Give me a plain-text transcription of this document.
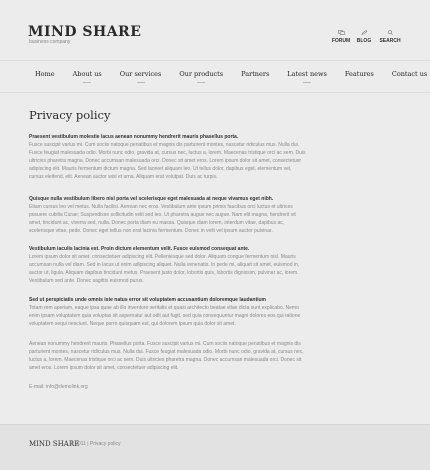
MIND SHARE
business company	FORUM	BLOG	SEARCH
Home	About us	Our services	Our products	Partners	Latest news	Features	Contact us
Privacy policy
Praesent vestibulum molestie lacus aenean nonummy hendrerit mauris phasellus porta.
Fusce suscipit varius mi. Cum sociis natoque penatibus et magnis dis parturient montes, nascetur ridiculus mus. Nulla dui. Fusce feugiat malesuada odio. Morbi nunc odio, gravida at, cursus nec, luctus a, lorem. Maecenas tristique orci ac sem. Duis ultricies pharetra magna. Donec accumsan malesuada orci. Donec sit amet eros. Lorem ipsum dolor sit amet, consectetuer adipiscing elit. Mauris fermentum dictum magna. Sed laoreet aliquam leo. Ut tellus dolor, dapibus eget, elementum vel, cursus eleifend, elit. Aenean auctor wisi et urna. Aliquam erat volutpat. Duis ac turpis.
Quisque nulla vestibulum libero nisl porta vel scelerisque eget malesuada at neque vivamus eget nibh.
Etiam cursus leo vel metus. Nulla facilisi. Aenean nec eros. Vestibulum ante ipsum primis faucibus orci luctus et ultrices posuere cubilia Curae; Suspendisse sollicitudin velit sed leo. Ut pharetra augue nec augue. Nam elit magna, hendrerit sit amet, tincidunt ac, viverra sed, nulla. Donec porta diam eu massa. Quisque diam lorem, interdum vitae, dapibus ac, scelerisque vitae, pede. Donec eget tellus non erat lacinia fermentum. Donec in velit vel ipsum auctor pulvinar.
Vestibulum iaculis lacinia est. Proin dictum elementum velit. Fusce euismod consequat ante.
Lorem ipsum dolor sit amet, consectetuer adipiscing elit. Pellentesque sed dolor. Aliquam congue fermentum nisl. Mauris accumsan nulla vel diam. Sed in lacus ut enim adipiscing aliquet. Nulla venenatis. In pede mi, aliquet sit amet, euismod in, auctor ut, ligula. Aliquam dapibus tincidunt metus. Praesent justo dolor, lobortis quis, lobortis dignissim, pulvinar ac, lorem. Vestibulum sed ante. Donec sagittis euismod purus.
Sed ut perspiciatis unde omnis iste natus error sit voluptatem accusantium doloremque laudantium
Totam rem aperiam, eaque ipsa quae ab illo inventore veritatis et quasi architecto beatae vitae dicta sunt explicabo. Nemo enim ipsam voluptatem quia voluptas sit aspernatur aut odit aut fugit, sed quia consequuntur magni dolores eos qui ratione voluptatem sequi nesciunt. Neque porro quisquam est, qui dolorem ipsum quia dolor sit amet.
Aenean nonummy hendrerit mauris. Phasellus porta. Fusce suscipit varius mi. Cum sociis natoque penatibus et magnis dis parturient montes, nascetur ridiculus mus. Nulla dui. Fusce feugiat malesuada odio. Morbi nunc odio, gravida at, cursus nec, luctus a, lorem. Maecenas tristique orci ac sem. Duis ultricies pharetra magna. Donec accumsan malesuada orci. Donec sit amet eros. Lorem ipsum dolor sit amet, consectetuer adipiscing elit.
E-mail: info@demolink.org
MIND SHARE
© 2011 | Privacy policy
